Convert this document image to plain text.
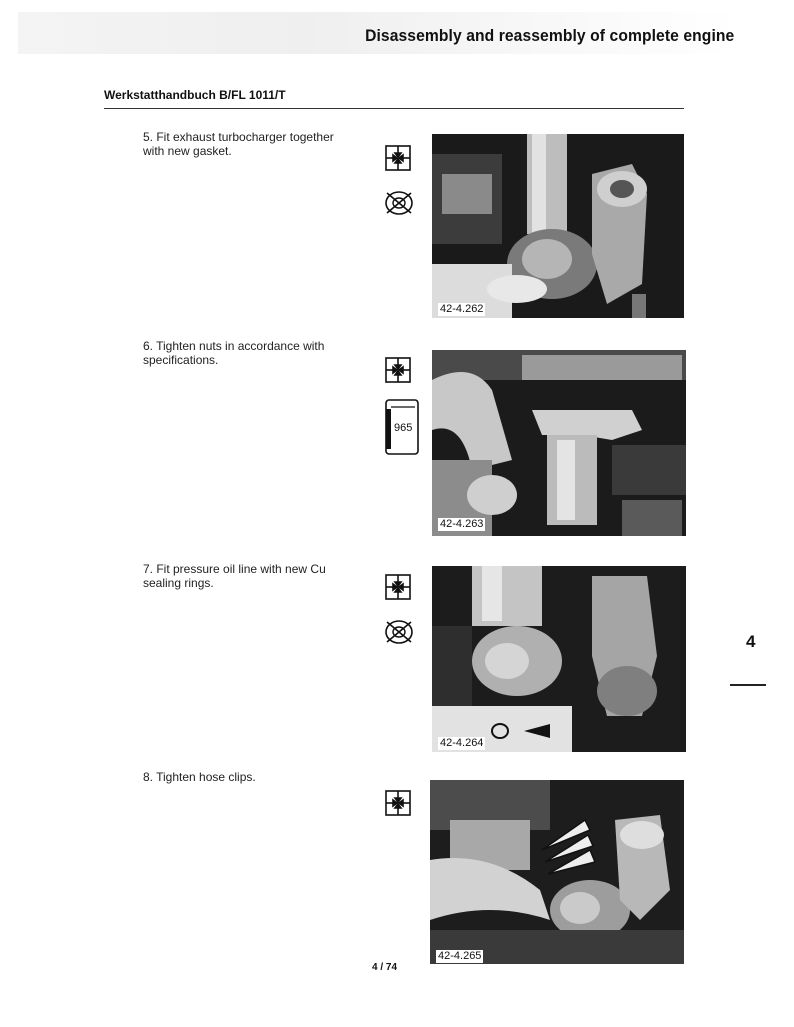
Disassembly and reassembly of complete engine
Werkstatthandbuch B/FL 1011/T
5. Fit exhaust turbocharger together with new gasket.
42-4.262
6. Tighten nuts in accordance with specifications.
965
42-4.263
7. Fit pressure oil line with new Cu sealing rings.
42-4.264
8. Tighten hose clips.
42-4.265
4
4 / 74
